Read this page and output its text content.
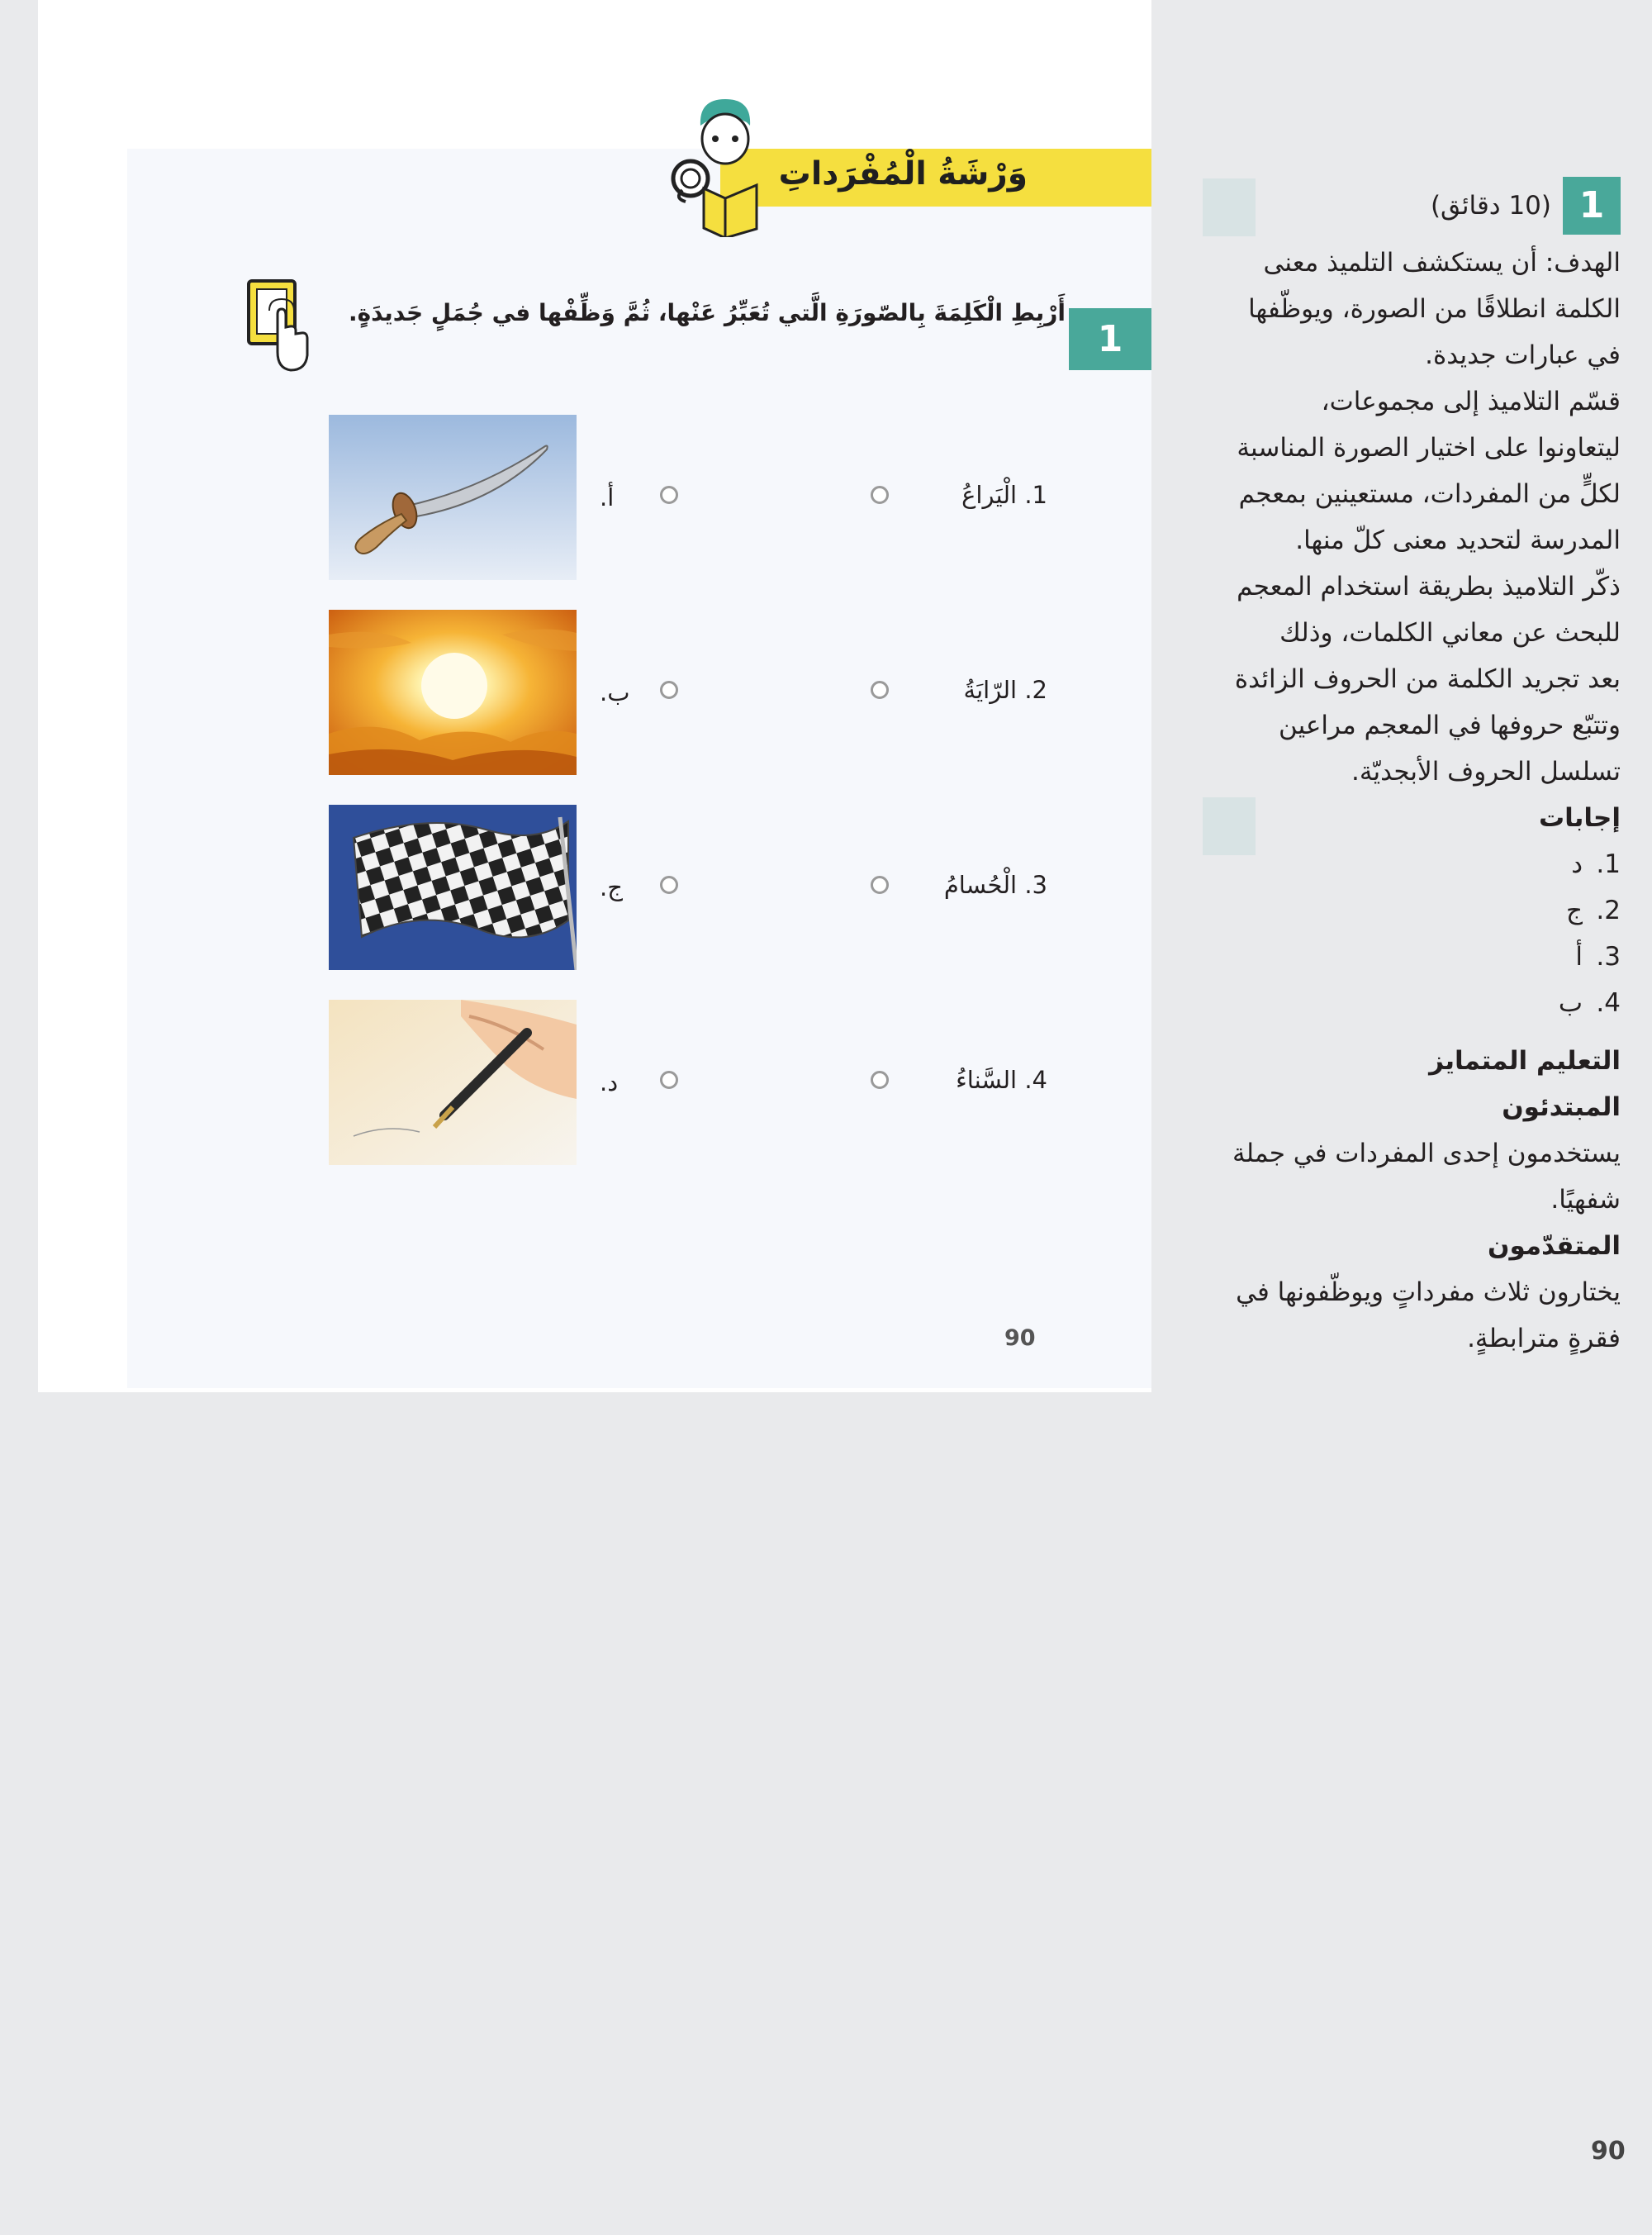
وَرْشَةُ الْمُفْرَداتِ
1
أَرْبِطِ الْكَلِمَةَ بِالصّورَةِ الَّتي تُعَبِّرُ عَنْها، ثُمَّ وَظِّفْها في جُمَلٍ جَديدَةٍ.
أ.	1. الْيَراعُ
ب.	2. الرّايَةُ
ج.	3. الْحُسامُ
د.	4. السَّناءُ
90
1
(10 دقائق)

الهدف: أن يستكشف التلميذ معنى

الكلمة انطلاقًا من الصورة، ويوظّفها

في عبارات جديدة.

قسّم التلاميذ إلى مجموعات،

ليتعاونوا على اختيار الصورة المناسبة

لكلٍّ من المفردات، مستعينين بمعجم

المدرسة لتحديد معنى كلّ منها.

ذكّر التلاميذ بطريقة استخدام المعجم

للبحث عن معاني الكلمات، وذلك

بعد تجريد الكلمة من الحروف الزائدة

وتتبّع حروفها في المعجم مراعين

تسلسل الحروف الأبجديّة.

إجابات

1.
د
2.
ج
3.
أ
4.
ب

التعليم المتمايز

المبتدئون

يستخدمون إحدى المفردات في جملة

شفهيًا.

المتقدّمون

يختارون ثلاث مفرداتٍ ويوظّفونها في

فقرةٍ مترابطةٍ.

90
